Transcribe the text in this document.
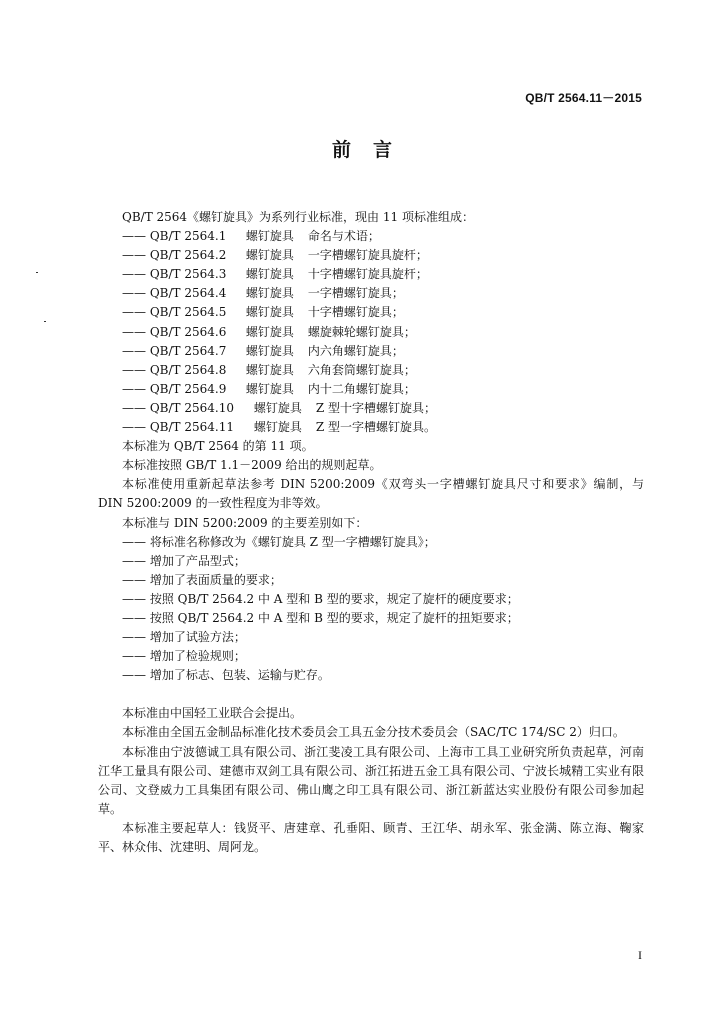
QB/T 2564.11－2015
前言

QB/T 2564《螺钉旋具》为系列行业标准，现由 11 项标准组成：

—— QB/T 2564.1 螺钉旋具 命名与术语；

—— QB/T 2564.2 螺钉旋具 一字槽螺钉旋具旋杆；

—— QB/T 2564.3 螺钉旋具 十字槽螺钉旋具旋杆；

—— QB/T 2564.4 螺钉旋具 一字槽螺钉旋具；

—— QB/T 2564.5 螺钉旋具 十字槽螺钉旋具；

—— QB/T 2564.6 螺钉旋具 螺旋棘轮螺钉旋具；

—— QB/T 2564.7 螺钉旋具 内六角螺钉旋具；

—— QB/T 2564.8 螺钉旋具 六角套筒螺钉旋具；

—— QB/T 2564.9 螺钉旋具 内十二角螺钉旋具；

—— QB/T 2564.10 螺钉旋具 Z 型十字槽螺钉旋具；

—— QB/T 2564.11 螺钉旋具 Z 型一字槽螺钉旋具。

本标准为 QB/T 2564 的第 11 项。

本标准按照 GB/T 1.1－2009 给出的规则起草。

本标准使用重新起草法参考 DIN 5200:2009《双弯头一字槽螺钉旋具尺寸和要求》编制，与 DIN 5200:2009 的一致性程度为非等效。

本标准与 DIN 5200:2009 的主要差别如下：

—— 将标准名称修改为《螺钉旋具 Z 型一字槽螺钉旋具》；

—— 增加了产品型式；

—— 增加了表面质量的要求；

—— 按照 QB/T 2564.2 中 A 型和 B 型的要求，规定了旋杆的硬度要求；

—— 按照 QB/T 2564.2 中 A 型和 B 型的要求，规定了旋杆的扭矩要求；

—— 增加了试验方法；

—— 增加了检验规则；

—— 增加了标志、包装、运输与贮存。

本标准由中国轻工业联合会提出。

本标准由全国五金制品标准化技术委员会工具五金分技术委员会（SAC/TC 174/SC 2）归口。

本标准由宁波德诚工具有限公司、浙江斐凌工具有限公司、上海市工具工业研究所负责起草，河南江华工量具有限公司、建德市双剑工具有限公司、浙江拓进五金工具有限公司、宁波长城精工实业有限公司、文登威力工具集团有限公司、佛山鹰之印工具有限公司、浙江新蓝达实业股份有限公司参加起草。

本标准主要起草人：钱贤平、唐建章、孔垂阳、顾青、王江华、胡永军、张金满、陈立海、鞠家平、林众伟、沈建明、周阿龙。

I
